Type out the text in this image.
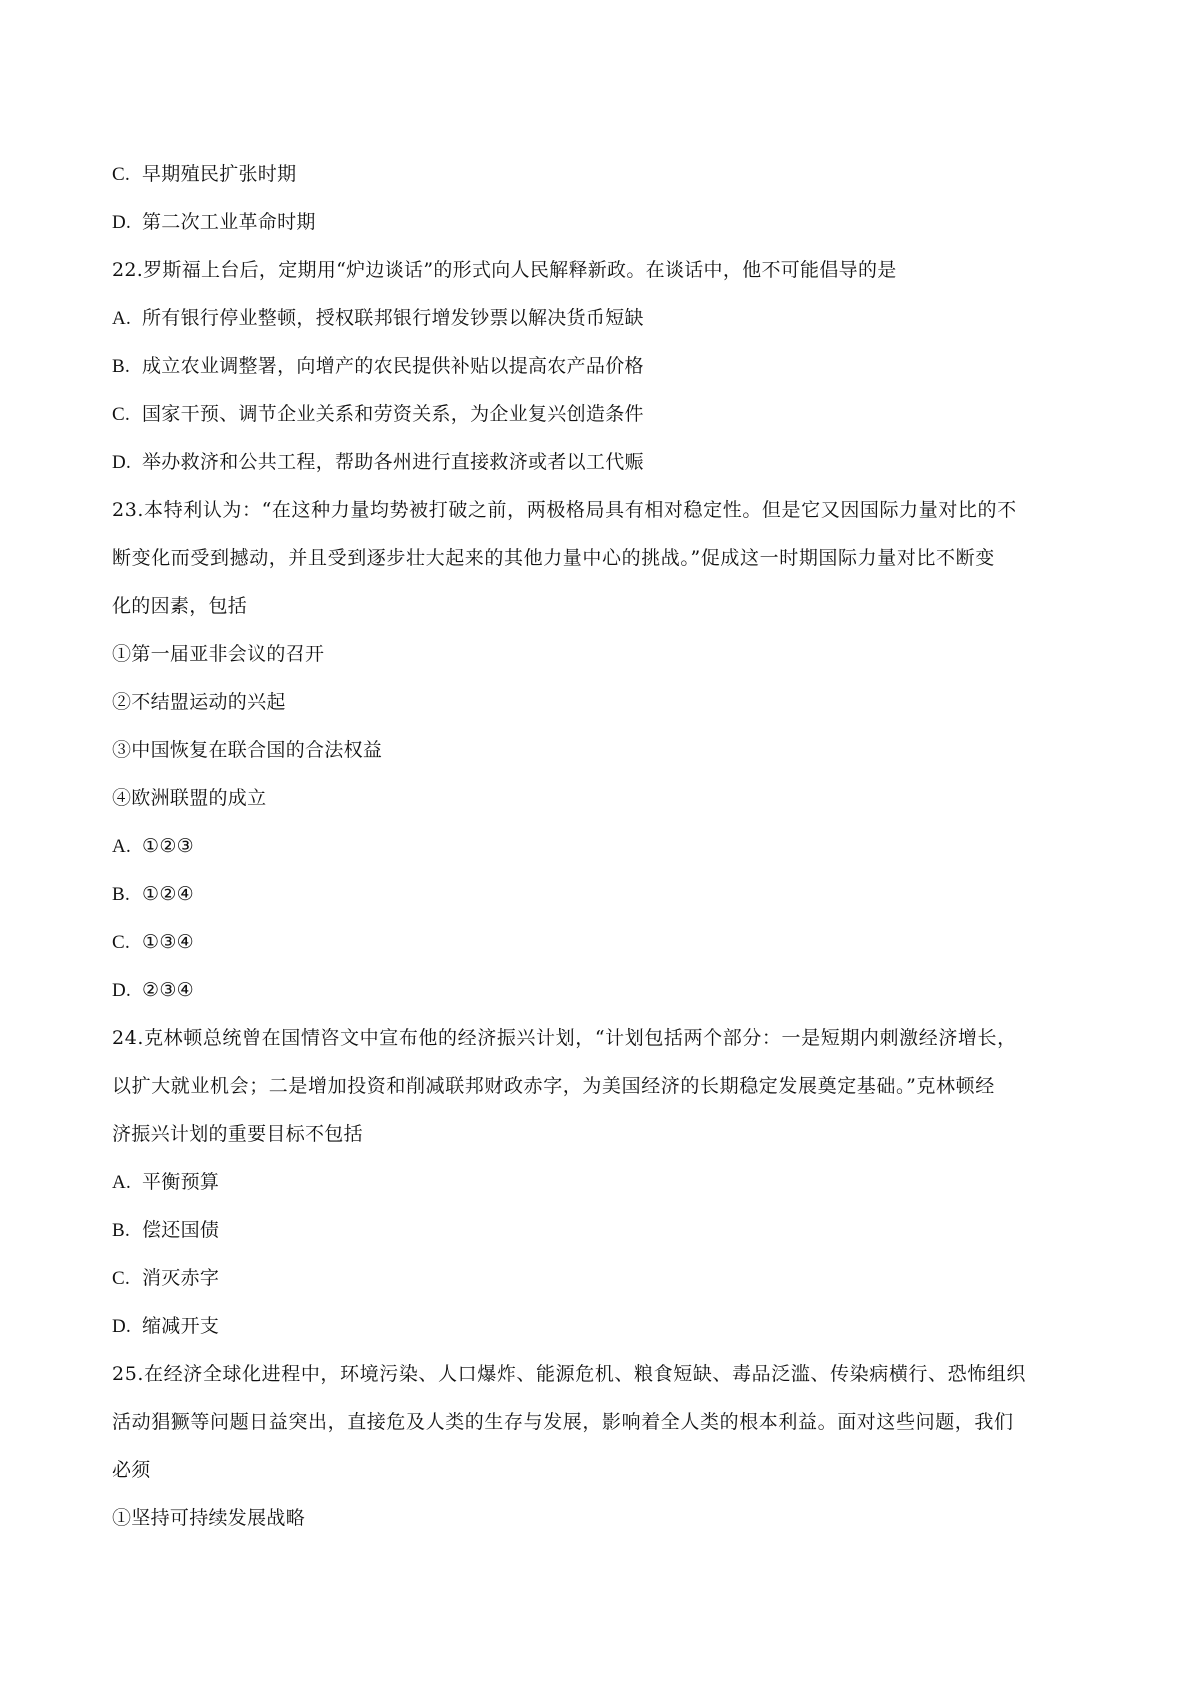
C. 早期殖民扩张时期
D. 第二次工业革命时期
22.罗斯福上台后，定期用“炉边谈话”的形式向人民解释新政。在谈话中，他不可能倡导的是
A. 所有银行停业整顿，授权联邦银行增发钞票以解决货币短缺
B. 成立农业调整署，向增产的农民提供补贴以提高农产品价格
C. 国家干预、调节企业关系和劳资关系，为企业复兴创造条件
D. 举办救济和公共工程，帮助各州进行直接救济或者以工代赈
23.本特利认为：“在这种力量均势被打破之前，两极格局具有相对稳定性。但是它又因国际力量对比的不
断变化而受到撼动，并且受到逐步壮大起来的其他力量中心的挑战。”促成这一时期国际力量对比不断变
化的因素，包括
①第一届亚非会议的召开
②不结盟运动的兴起
③中国恢复在联合国的合法权益
④欧洲联盟的成立
A. ①②③
B. ①②④
C. ①③④
D. ②③④
24.克林顿总统曾在国情咨文中宣布他的经济振兴计划，“计划包括两个部分：一是短期内刺激经济增长，
以扩大就业机会；二是增加投资和削减联邦财政赤字，为美国经济的长期稳定发展奠定基础。”克林顿经
济振兴计划的重要目标不包括
A. 平衡预算
B. 偿还国债
C. 消灭赤字
D. 缩减开支
25.在经济全球化进程中，环境污染、人口爆炸、能源危机、粮食短缺、毒品泛滥、传染病横行、恐怖组织
活动猖獗等问题日益突出，直接危及人类的生存与发展，影响着全人类的根本利益。面对这些问题，我们
必须
①坚持可持续发展战略
